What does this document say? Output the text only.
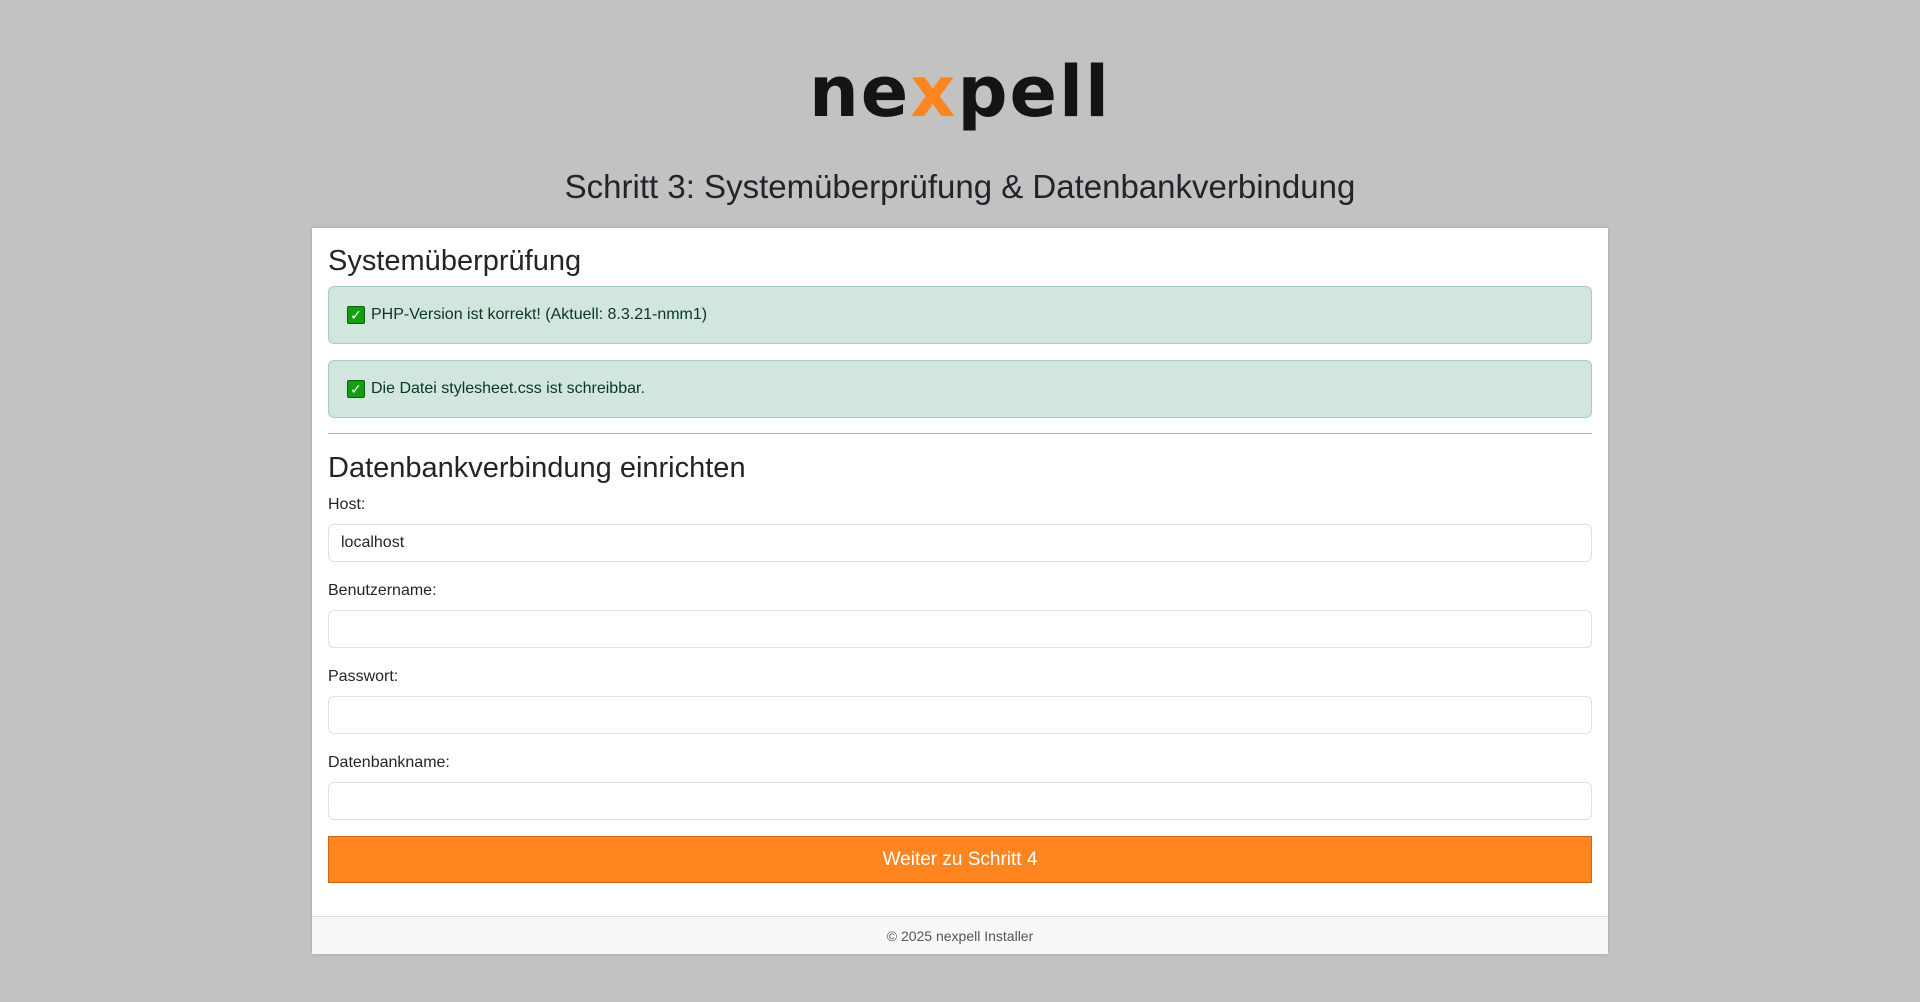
nexpell
Schritt 3: Systemüberprüfung & Datenbankverbindung
Systemüberprüfung
✓ PHP-Version ist korrekt! (Aktuell: 8.3.21-nmm1)
✓ Die Datei stylesheet.css ist schreibbar.
Datenbankverbindung einrichten
Host:
localhost
Benutzername:
Passwort:
Datenbankname:
Weiter zu Schritt 4
© 2025 nexpell Installer
